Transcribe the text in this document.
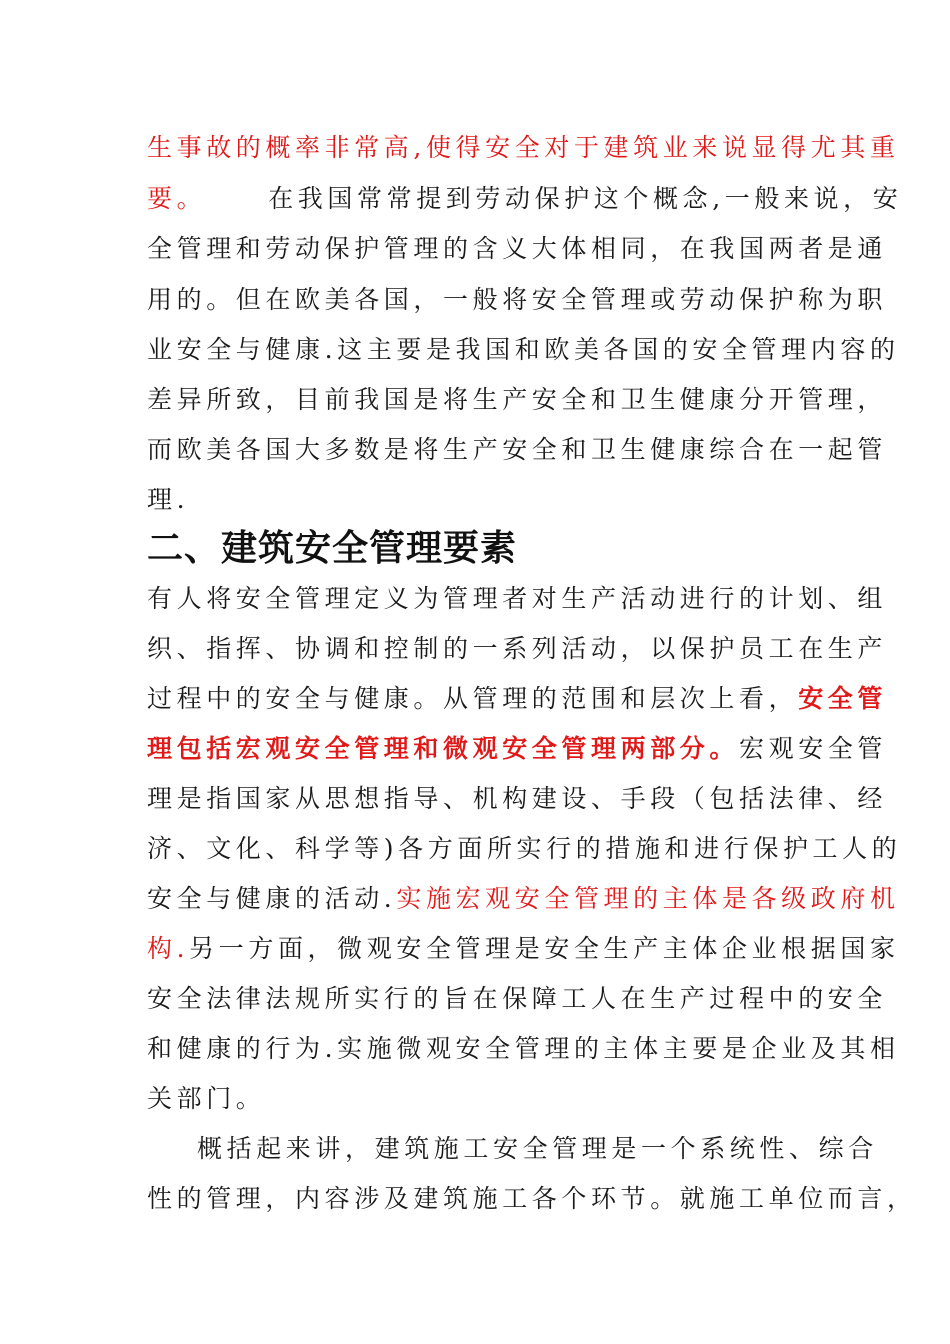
生事故的概率非常高,使得安全对于建筑业来说显得尤其重
要。 在我国常常提到劳动保护这个概念,一般来说，安
全管理和劳动保护管理的含义大体相同，在我国两者是通
用的。但在欧美各国，一般将安全管理或劳动保护称为职
业安全与健康.这主要是我国和欧美各国的安全管理内容的
差异所致，目前我国是将生产安全和卫生健康分开管理，
而欧美各国大多数是将生产安全和卫生健康综合在一起管
理.
二、建筑安全管理要素
有人将安全管理定义为管理者对生产活动进行的计划、组
织、指挥、协调和控制的一系列活动，以保护员工在生产
过程中的安全与健康。从管理的范围和层次上看，安全管
理包括宏观安全管理和微观安全管理两部分。宏观安全管
理是指国家从思想指导、机构建设、手段（包括法律、经
济、文化、科学等)各方面所实行的措施和进行保护工人的
安全与健康的活动.实施宏观安全管理的主体是各级政府机
构.另一方面，微观安全管理是安全生产主体企业根据国家
安全法律法规所实行的旨在保障工人在生产过程中的安全
和健康的行为.实施微观安全管理的主体主要是企业及其相
关部门。
概括起来讲，建筑施工安全管理是一个系统性、综合
性的管理，内容涉及建筑施工各个环节。就施工单位而言，
